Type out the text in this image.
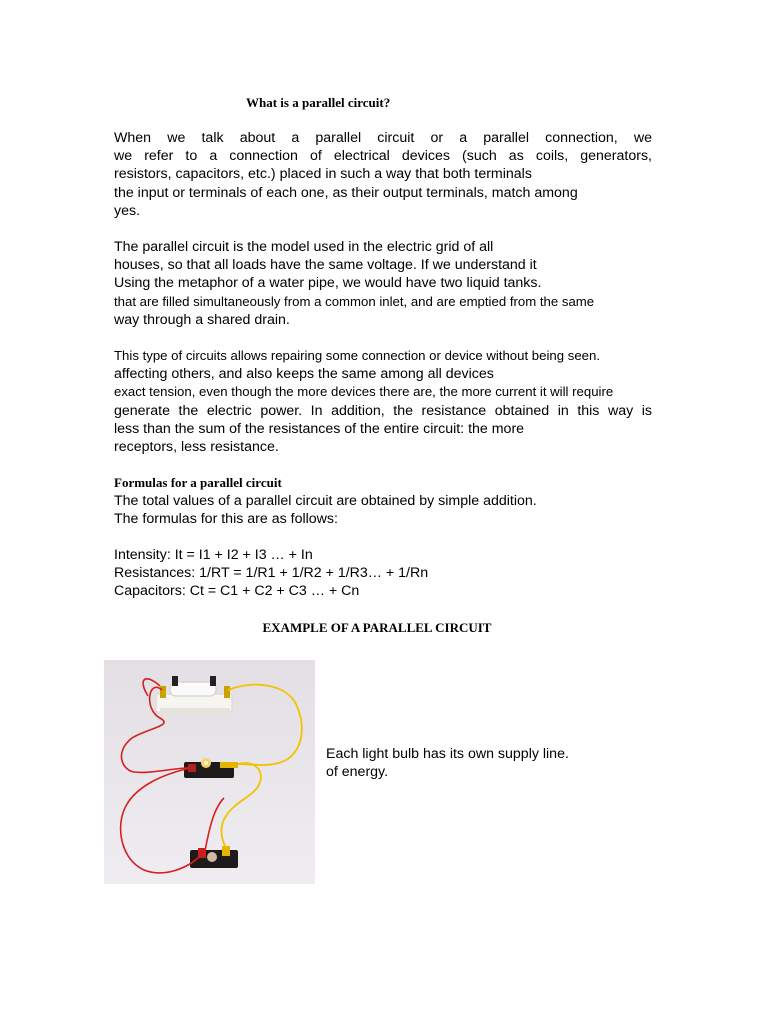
What is a parallel circuit?

When we talk about a parallel circuit or a parallel connection, we
we refer to a connection of electrical devices (such as coils, generators,
resistors, capacitors, etc.) placed in such a way that both terminals
the input or terminals of each one, as their output terminals, match among
yes.

The parallel circuit is the model used in the electric grid of all
houses, so that all loads have the same voltage. If we understand it
Using the metaphor of a water pipe, we would have two liquid tanks.
that are filled simultaneously from a common inlet, and are emptied from the same
way through a shared drain.

This type of circuits allows repairing some connection or device without being seen.
affecting others, and also keeps the same among all devices
exact tension, even though the more devices there are, the more current it will require
generate the electric power. In addition, the resistance obtained in this way is
less than the sum of the resistances of the entire circuit: the more
receptors, less resistance.

Formulas for a parallel circuit

The total values of a parallel circuit are obtained by simple addition.
The formulas for this are as follows:

Intensity: It = I1 + I2 + I3 … + In
Resistances: 1/RT = 1/R1 + 1/R2 + 1/R3… + 1/Rn
Capacitors: Ct = C1 + C2 + C3 … + Cn

EXAMPLE OF A PARALLEL CIRCUIT
Each light bulb has its own supply line.
of energy.
